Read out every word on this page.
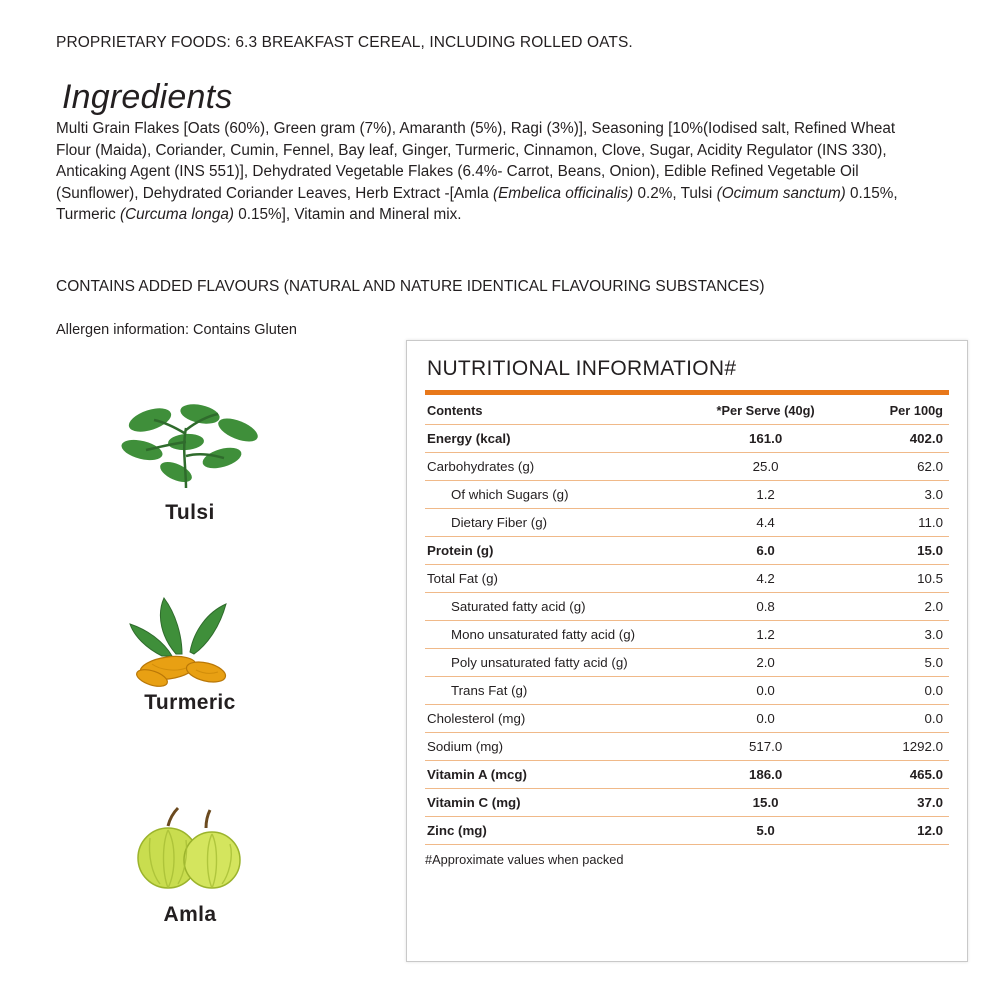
PROPRIETARY FOODS: 6.3 BREAKFAST CEREAL, INCLUDING ROLLED OATS.
Ingredients
Multi Grain Flakes [Oats (60%), Green gram (7%), Amaranth (5%), Ragi (3%)], Seasoning [10%(Iodised salt, Refined Wheat Flour (Maida), Coriander, Cumin, Fennel, Bay leaf, Ginger, Turmeric, Cinnamon, Clove, Sugar, Acidity Regulator (INS 330), Anticaking Agent (INS 551)], Dehydrated Vegetable Flakes (6.4%- Carrot, Beans, Onion), Edible Refined Vegetable Oil (Sunflower), Dehydrated Coriander Leaves, Herb Extract -[Amla (Embelica officinalis) 0.2%, Tulsi (Ocimum sanctum) 0.15%, Turmeric (Curcuma longa) 0.15%], Vitamin and Mineral mix.
CONTAINS ADDED FLAVOURS (NATURAL AND NATURE IDENTICAL FLAVOURING SUBSTANCES)
Allergen information: Contains Gluten
Tulsi
Turmeric
Amla
NUTRITIONAL INFORMATION#
Contents	*Per Serve (40g)	Per 100g
Energy (kcal)	161.0	402.0
Carbohydrates (g)	25.0	62.0
Of which Sugars (g)	1.2	3.0
Dietary Fiber (g)	4.4	11.0
Protein (g)	6.0	15.0
Total Fat (g)	4.2	10.5
Saturated fatty acid (g)	0.8	2.0
Mono unsaturated fatty acid (g)	1.2	3.0
Poly unsaturated fatty acid (g)	2.0	5.0
Trans Fat (g)	0.0	0.0
Cholesterol (mg)	0.0	0.0
Sodium (mg)	517.0	1292.0
Vitamin A (mcg)	186.0	465.0
Vitamin C (mg)	15.0	37.0
Zinc (mg)	5.0	12.0
#Approximate values when packed
